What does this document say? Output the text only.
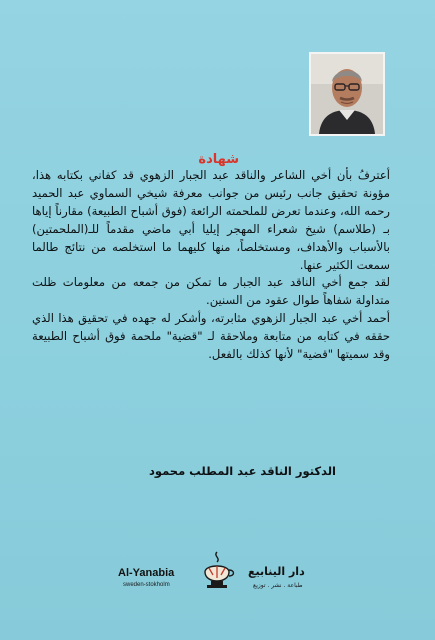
شهادة

أعترفُ بأن أخي الشاعر والناقد عبد الجبار الزهوي قد كفاني بكتابه هذا، مؤونة تحقيق جانب رئيس من جوانب معرفة شيخي السماوي عبد الحميد رحمه الله، وعندما تعرض للملحمته الرائعة (فوق أشباح الطبيعة) مقارناً إياها بـ (طلاسم) شيخ شعراء المهجر إيليا أبي ماضي مقدماً للـ(الملحمتين) بالأسباب والأهداف، ومستخلصاً، منها كليهما ما استخلصه من نتائج طالما سمعت الكثير عنها.

لقد جمع أخي الناقد عبد الجبار ما تمكن من جمعه من معلومات ظلت متداولة شفاهاً طوال عقود من السنين.

أحمد أخي عبد الجبار الزهوي مثابرته، وأشكر له جهده في تحقيق هذا الذي حققه في كتابه من متابعة وملاحقة لـ "قضية" ملحمة فوق أشباح الطبيعة وقد سميتها "قضية" لأنها كذلك بالفعل.

الدكتور الناقد عبد المطلب محمود
Al-Yanabia
sweden-stokholm
دار الينابيع
طباعة . نشر . توزيع
